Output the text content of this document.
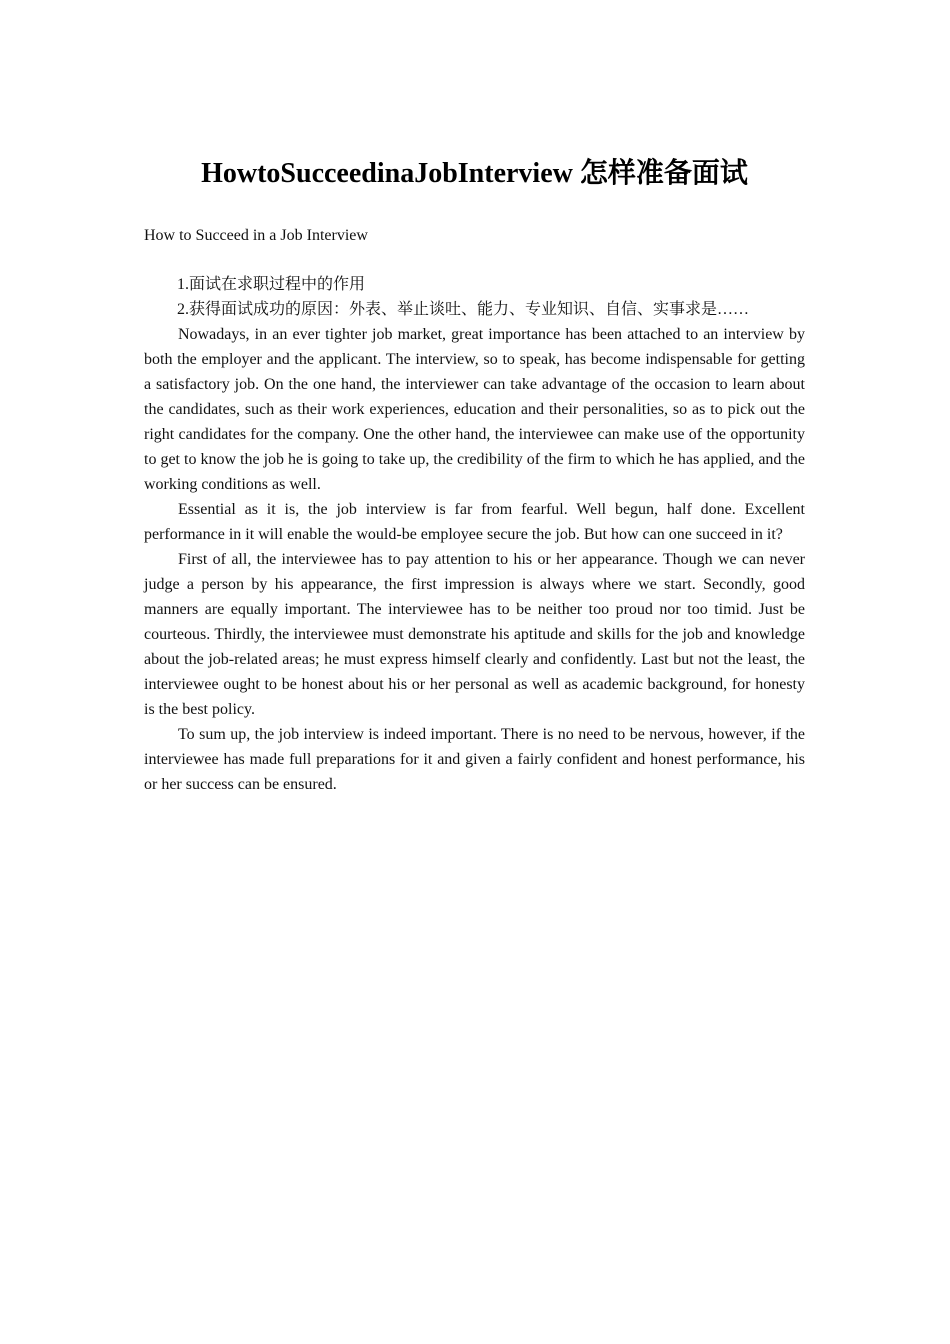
HowtoSucceedinaJobInterview 怎样准备面试

How to Succeed in a Job Interview

1.面试在求职过程中的作用
2.获得面试成功的原因：外表、举止谈吐、能力、专业知识、自信、实事求是……

Nowadays, in an ever tighter job market, great importance has been attached to an interview by both the employer and the applicant. The interview, so to speak, has become indispensable for getting a satisfactory job. On the one hand, the interviewer can take advantage of the occasion to learn about the candidates, such as their work experiences, education and their personalities, so as to pick out the right candidates for the company. One the other hand, the interviewee can make use of the opportunity to get to know the job he is going to take up, the credibility of the firm to which he has applied, and the working conditions as well.

Essential as it is, the job interview is far from fearful. Well begun, half done. Excellent performance in it will enable the would-be employee secure the job. But how can one succeed in it?

First of all, the interviewee has to pay attention to his or her appearance. Though we can never judge a person by his appearance, the first impression is always where we start. Secondly, good manners are equally important. The interviewee has to be neither too proud nor too timid. Just be courteous. Thirdly, the interviewee must demonstrate his aptitude and skills for the job and knowledge about the job-related areas; he must express himself clearly and confidently. Last but not the least, the interviewee ought to be honest about his or her personal as well as academic background, for honesty is the best policy.

To sum up, the job interview is indeed important. There is no need to be nervous, however, if the interviewee has made full preparations for it and given a fairly confident and honest performance, his or her success can be ensured.
